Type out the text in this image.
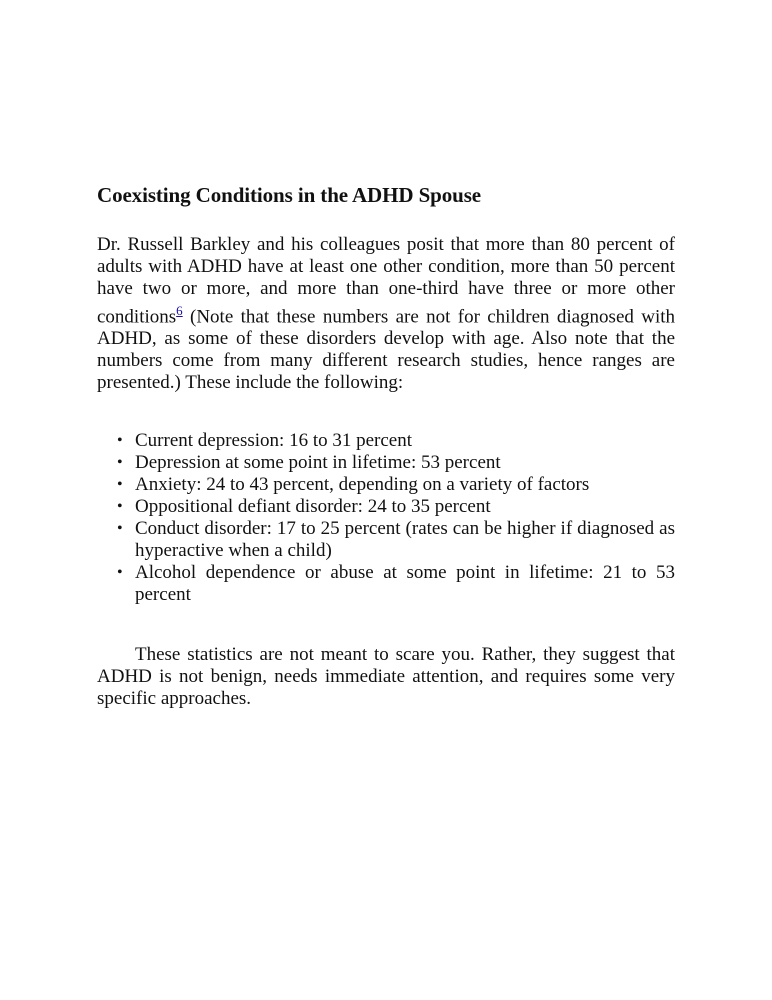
Coexisting Conditions in the ADHD Spouse

Dr. Russell Barkley and his colleagues posit that more than 80 percent of adults with ADHD have at least one other condition, more than 50 percent have two or more, and more than one-third have three or more other conditions$^6$ (Note that these numbers are not for children diagnosed with ADHD, as some of these disorders develop with age. Also note that the numbers come from many different research studies, hence ranges are presented.) These include the following:

• Current depression: 16 to 31 percent
• Depression at some point in lifetime: 53 percent
• Anxiety: 24 to 43 percent, depending on a variety of factors
• Oppositional defiant disorder: 24 to 35 percent
• Conduct disorder: 17 to 25 percent (rates can be higher if diagnosed as hyperactive when a child)
• Alcohol dependence or abuse at some point in lifetime: 21 to 53 percent

These statistics are not meant to scare you. Rather, they suggest that ADHD is not benign, needs immediate attention, and requires some very specific approaches.
